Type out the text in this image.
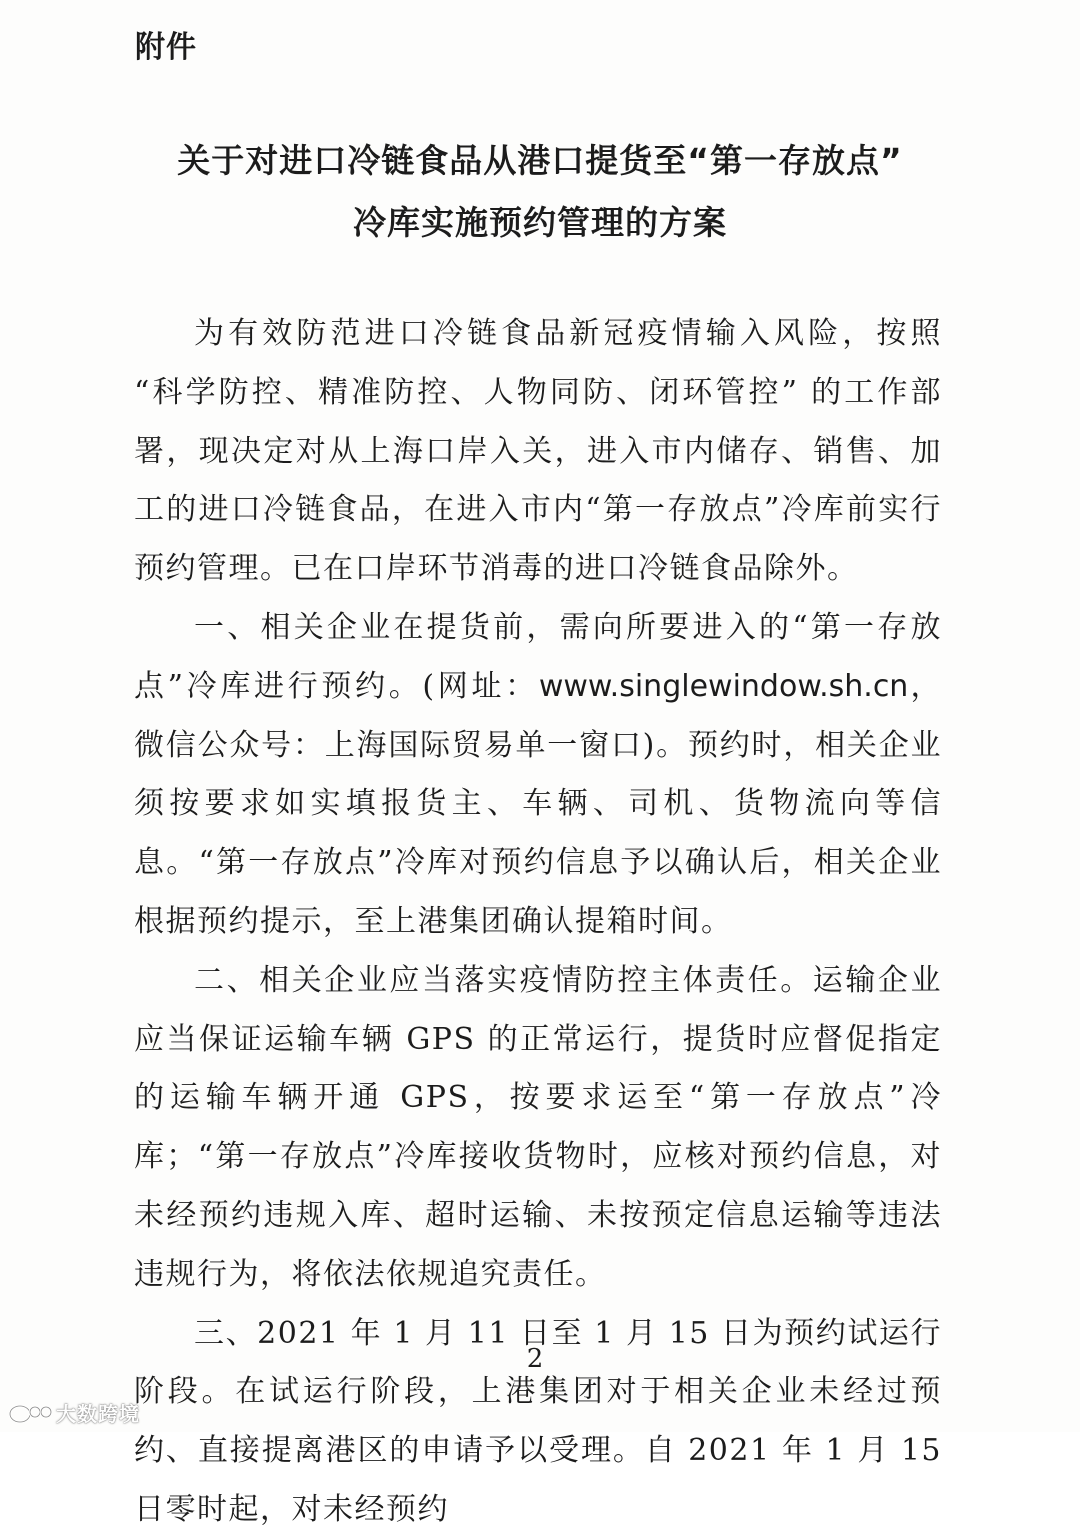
附件
关于对进口冷链食品从港口提货至“第一存放点”
冷库实施预约管理的方案

为有效防范进口冷链食品新冠疫情输入风险，按照 “科学防控、精准防控、人物同防、闭环管控” 的工作部署，现决定对从上海口岸入关，进入市内储存、销售、加工的进口冷链食品，在进入市内“第一存放点”冷库前实行预约管理。已在口岸环节消毒的进口冷链食品除外。

一、相关企业在提货前，需向所要进入的“第一存放点”冷库进行预约。(网址：www.singlewindow.sh.cn，微信公众号：上海国际贸易单一窗口)。预约时，相关企业须按要求如实填报货主、车辆、司机、货物流向等信息。“第一存放点”冷库对预约信息予以确认后，相关企业根据预约提示，至上港集团确认提箱时间。

二、相关企业应当落实疫情防控主体责任。运输企业应当保证运输车辆 GPS 的正常运行，提货时应督促指定的运输车辆开通 GPS，按要求运至“第一存放点”冷库；“第一存放点”冷库接收货物时，应核对预约信息，对未经预约违规入库、超时运输、未按预定信息运输等违法违规行为，将依法依规追究责任。

三、2021 年 1 月 11 日至 1 月 15 日为预约试运行阶段。在试运行阶段，上港集团对于相关企业未经过预约、直接提离港区的申请予以受理。自 2021 年 1 月 15 日零时起，对未经预约

2
大数跨境
